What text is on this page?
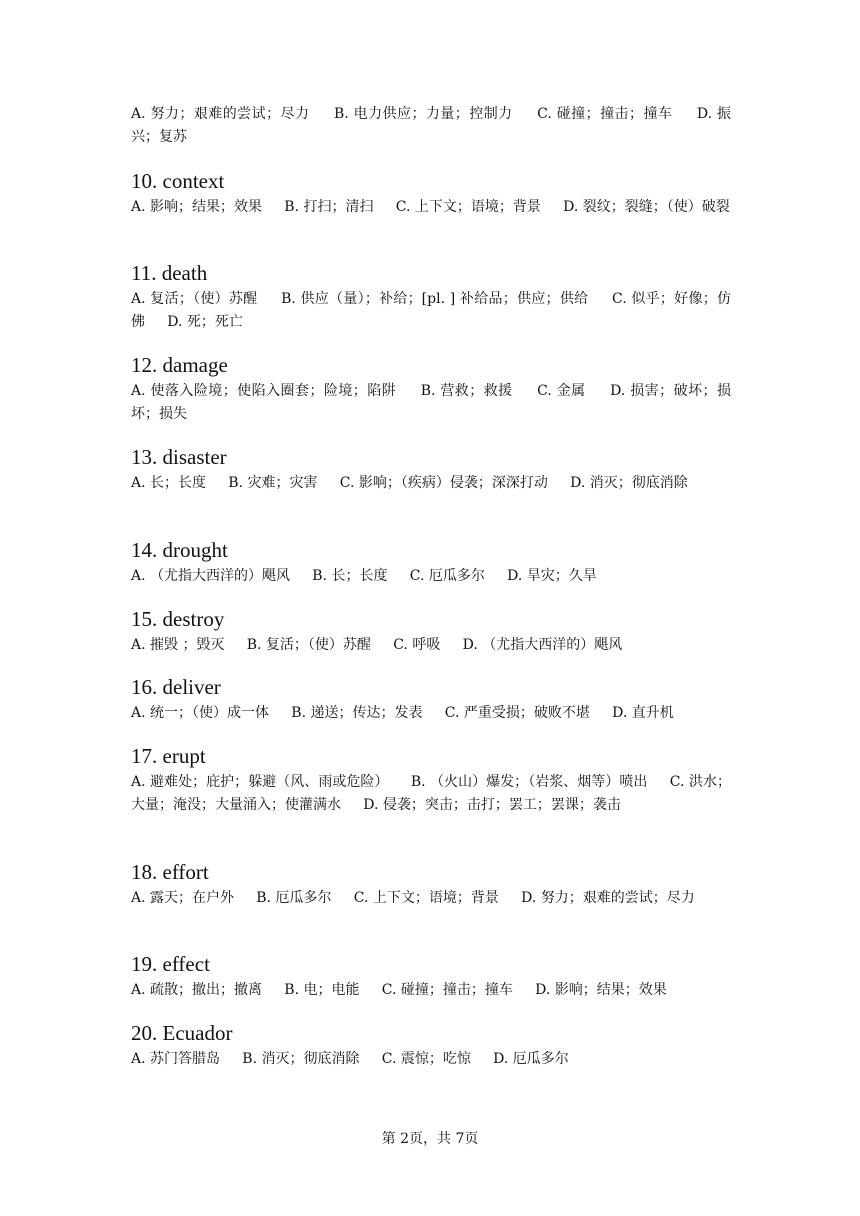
A. 努力；艰难的尝试；尽力 B. 电力供应；力量；控制力 C. 碰撞；撞击；撞车 D. 振兴；复苏

10. context

A. 影响；结果；效果 B. 打扫；清扫 C. 上下文；语境；背景 D. 裂纹；裂缝；（使）破裂

11. death

A. 复活；（使）苏醒 B. 供应（量）；补给；[pl. ] 补给品；供应；供给 C. 似乎；好像；仿佛 D. 死；死亡

12. damage

A. 使落入险境；使陷入圈套；险境；陷阱 B. 营救；救援 C. 金属 D. 损害；破坏；损坏；损失

13. disaster

A. 长；长度 B. 灾难；灾害 C. 影响；（疾病）侵袭；深深打动 D. 消灭；彻底消除

14. drought

A. （尤指大西洋的）飓风 B. 长；长度 C. 厄瓜多尔 D. 旱灾；久旱

15. destroy

A. 摧毁 ；毁灭 B. 复活；（使）苏醒 C. 呼吸 D. （尤指大西洋的）飓风

16. deliver

A. 统一；（使）成一体 B. 递送；传达；发表 C. 严重受损；破败不堪 D. 直升机

17. erupt

A. 避难处；庇护；躲避（风、雨或危险） B. （火山）爆发；（岩浆、烟等）喷出 C. 洪水；大量；淹没；大量涌入；使灌满水 D. 侵袭；突击；击打；罢工；罢课；袭击

18. effort

A. 露天；在户外 B. 厄瓜多尔 C. 上下文；语境；背景 D. 努力；艰难的尝试；尽力

19. effect

A. 疏散；撤出；撤离 B. 电；电能 C. 碰撞；撞击；撞车 D. 影响；结果；效果

20. Ecuador

A. 苏门答腊岛 B. 消灭；彻底消除 C. 震惊；吃惊 D. 厄瓜多尔

第 2页，共 7页
